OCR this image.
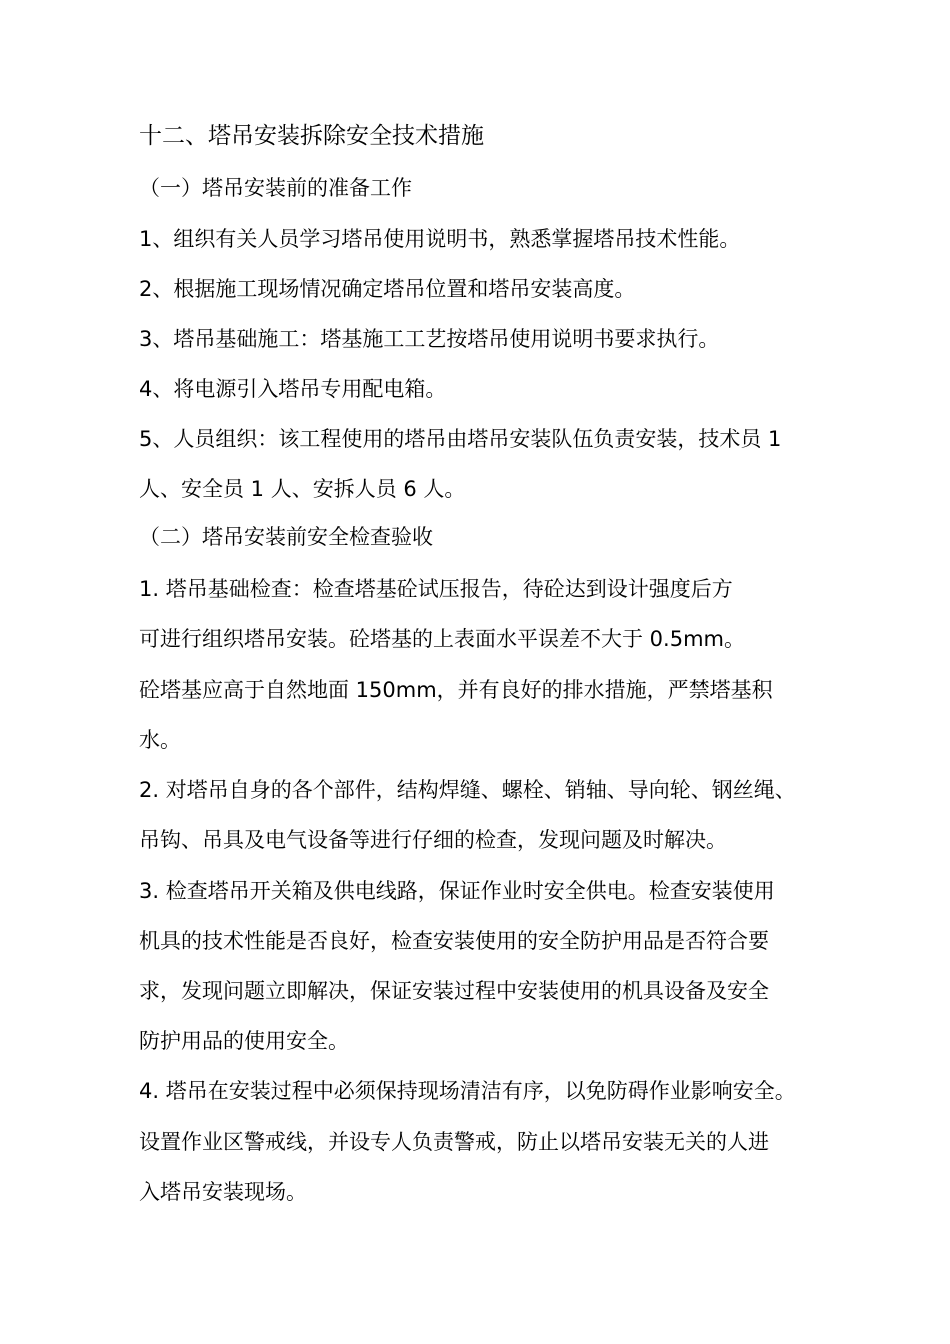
十二、塔吊安装拆除安全技术措施
（一）塔吊安装前的准备工作
1、组织有关人员学习塔吊使用说明书，熟悉掌握塔吊技术性能。
2、根据施工现场情况确定塔吊位置和塔吊安装高度。
3、塔吊基础施工：塔基施工工艺按塔吊使用说明书要求执行。
4、将电源引入塔吊专用配电箱。
5、人员组织：该工程使用的塔吊由塔吊安装队伍负责安装，技术员 1
人、安全员 1 人、安拆人员 6 人。
（二）塔吊安装前安全检查验收
1. 塔吊基础检查：检查塔基砼试压报告，待砼达到设计强度后方
可进行组织塔吊安装。砼塔基的上表面水平误差不大于 0.5mm。
砼塔基应高于自然地面 150mm，并有良好的排水措施，严禁塔基积
水。
2. 对塔吊自身的各个部件，结构焊缝、螺栓、销轴、导向轮、钢丝绳、
吊钩、吊具及电气设备等进行仔细的检查，发现问题及时解决。
3. 检查塔吊开关箱及供电线路，保证作业时安全供电。检查安装使用
机具的技术性能是否良好，检查安装使用的安全防护用品是否符合要
求，发现问题立即解决，保证安装过程中安装使用的机具设备及安全
防护用品的使用安全。
4. 塔吊在安装过程中必须保持现场清洁有序，以免防碍作业影响安全。
设置作业区警戒线，并设专人负责警戒，防止以塔吊安装无关的人进
入塔吊安装现场。
